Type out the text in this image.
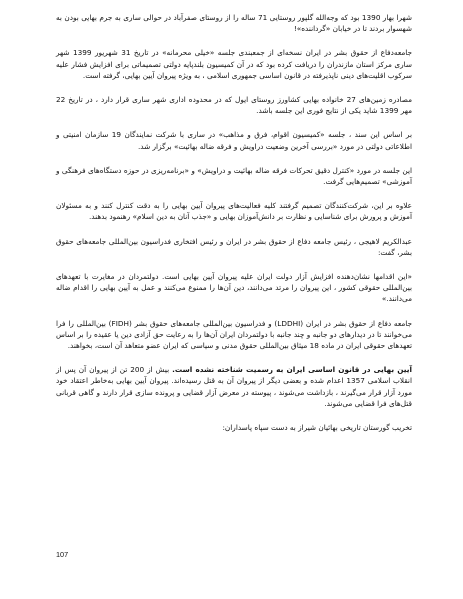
شهرا بهار 1390 بود که وجه‌الله گلپور روستایی 71 ساله را از روستای صفرآباد در حوالی ساری به جرم بهایی بودن به شهسوار بردند تا در خیابان «گرداننده»!

جامعه‌دفاع از حقوق بشر در ایران نسخه‌ای از جمعبندی جلسه «خیلی محرمانه» در تاریخ 31 شهریور 1399 شهر ساری مرکز استان مازندران را دریافت کرده بود که در آن کمیسیون بلندپایه دولتی تصمیماتی برای افزایش فشار علیه سرکوب اقلیت‌های دینی ناپذیرفته در قانون اساسی جمهوری اسلامی ، به ویژه پیروان آیین بهایی، گرفته است.

مصادره زمین‌های 27 خانواده بهایی کشاورز روستای ایول که در محدوده اداری شهر ساری قرار دارد ، در تاریخ 22 مهر 1399 شاید یکی از نتایج فوری این جلسه باشد.

بر اساس این سند ، جلسه «کمیسیون اقوام، فرق و مذاهب» در ساری با شرکت نمایندگان 19 سازمان امنیتی و اطلاعاتی دولتی در مورد «بررسی آخرین وضعیت دراویش و فرقه ضاله بهائیت» برگزار شد.

این جلسه در مورد «کنترل دقیق تحرکات فرقه ضاله بهائیت و دراویش» و «برنامه‌ریزی در حوزه دستگاه‌های فرهنگی و آموزشی» تصمیم‌هایی گرفت.

علاوه بر این، شرکت‌کنندگان تصمیم گرفتند کلیه فعالیت‌های پیروان آیین بهایی را به دقت کنترل کنند و به مسئولان آموزش و پرورش برای شناسایی و نظارت بر دانش‌آموزان بهایی و «جذب آنان به دین اسلام» رهنمود بدهند.

عبدالکریم لاهیجی ، رئیس جامعه دفاع از حقوق بشر در ایران و رئیس افتخاری فدراسیون بین‌المللی جامعه‌های حقوق بشر، گفت:

«این اقدامها نشان‌دهنده افزایش آزار دولت ایران علیه پیروان آیین بهایی است. دولتمردان در مغایرت با تعهدهای بین‌المللی حقوقی کشور ، این پیروان را مرتد می‌دانند، دین آن‌ها را ممنوع می‌کنند و عمل به آیین بهایی را اقدام ضاله می‌دانند.»

جامعه دفاع از حقوق بشر در ایران (LDDHI) و فدراسیون بین‌المللی جامعه‌های حقوق بشر (FIDH) بین‌المللی را فرا می‌خوانند تا در دیدارهای دو جانبه و چند جانبه با دولتمردان ایران آن‌ها را به رعایت حق آزادی دین یا عقیده را بر اساس تعهدهای حقوقی ایران در ماده 18 میثاق بین‌المللی حقوق مدنی و سیاسی که ایران عضو متعاهد آن است، بخواهند.

آیین بهایی در قانون اساسی ایران به رسمیت شناخته نشده است. بیش از 200 تن از پیروان آن پس از انقلاب اسلامی 1357 اعدام شده و بعضی دیگر از پیروان آن به قتل رسیده‌اند. پیروان آیین بهایی به‌خاطر اعتقاد خود مورد آزار قرار می‌گیرند ، بازداشت می‌شوند ، پیوسته در معرض آزار قضایی و پرونده‌ سازی قرار دارند و گاهی قربانی قتل‌های فرا قضایی می‌شوند.

تخریب گورستان تاریخی بهائیان شیراز به دست سپاه پاسداران:

107
